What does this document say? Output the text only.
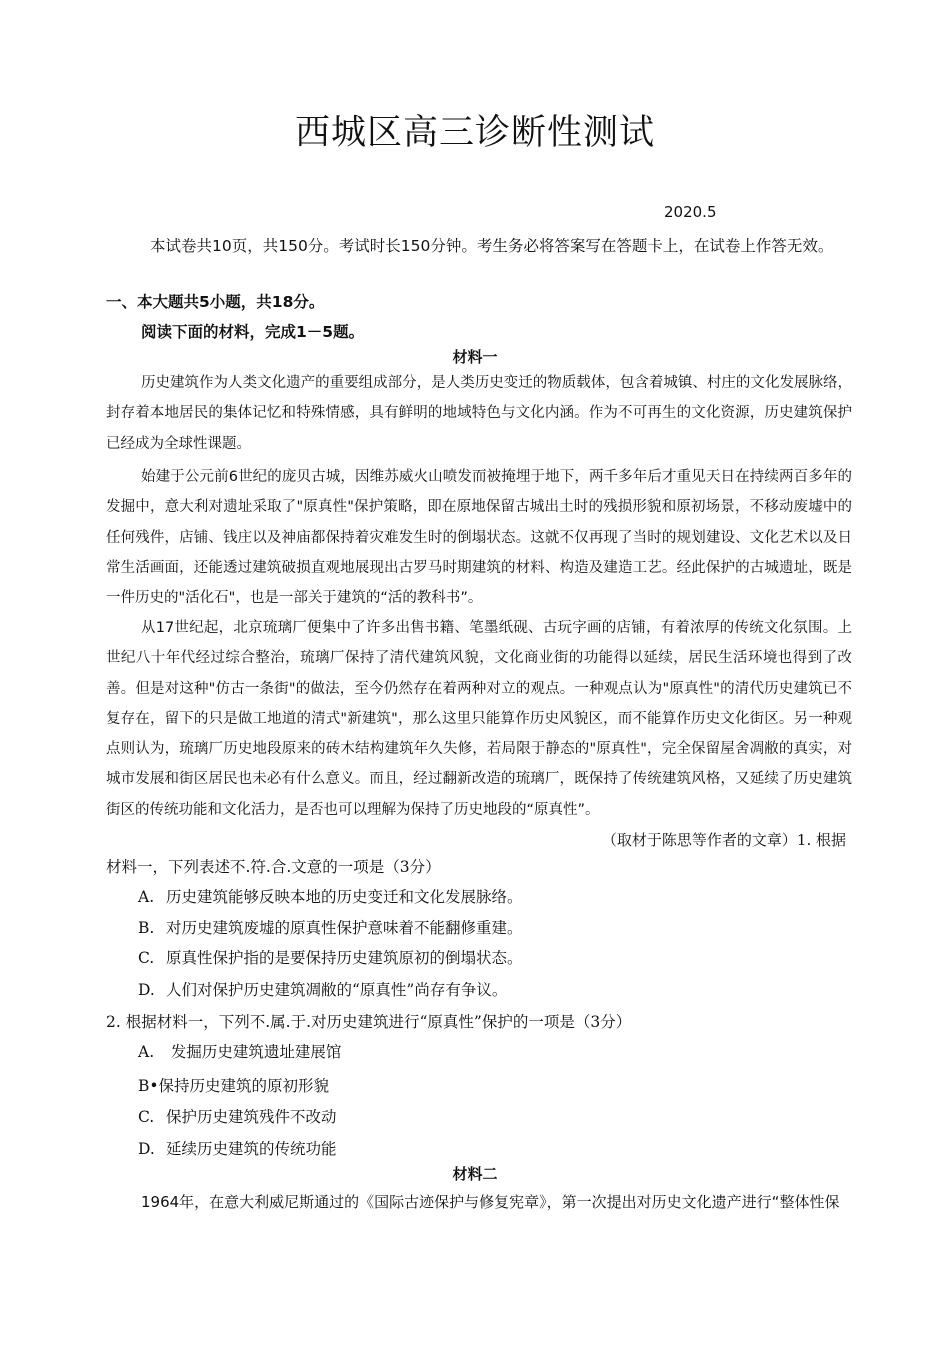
西城区高三诊断性测试
2020.5
本试卷共10页，共150分。考试时长150分钟。考生务必将答案写在答题卡上，在试卷上作答无效。
一、本大题共5小题，共18分。
阅读下面的材料，完成1－5题。
材料一
历史建筑作为人类文化遗产的重要组成部分，是人类历史变迁的物质载体，包含着城镇、村庄的文化发展脉络，封存着本地居民的集体记忆和特殊情感，具有鲜明的地域特色与文化内涵。作为不可再生的文化资源，历史建筑保护已经成为全球性课题。
始建于公元前6世纪的庞贝古城，因维苏威火山喷发而被掩埋于地下，两千多年后才重见天日在持续两百多年的发掘中，意大利对遗址采取了"原真性"保护策略，即在原地保留古城出土时的残损形貌和原初场景，不移动废墟中的任何残件，店铺、钱庄以及神庙都保持着灾难发生时的倒塌状态。这就不仅再现了当时的规划建设、文化艺术以及日常生活画面，还能透过建筑破损直观地展现出古罗马时期建筑的材料、构造及建造工艺。经此保护的古城遗址，既是一件历史的"活化石"，也是一部关于建筑的“活的教科书”。
从17世纪起，北京琉璃厂便集中了许多出售书籍、笔墨纸砚、古玩字画的店铺，有着浓厚的传统文化氛围。上世纪八十年代经过综合整治，琉璃厂保持了清代建筑风貌，文化商业街的功能得以延续，居民生活环境也得到了改善。但是对这种"仿古一条街"的做法，至今仍然存在着两种对立的观点。一种观点认为"原真性"的清代历史建筑已不复存在，留下的只是做工地道的清式"新建筑"，那么这里只能算作历史风貌区，而不能算作历史文化街区。另一种观点则认为，琉璃厂历史地段原来的砖木结构建筑年久失修，若局限于静态的"原真性"，完全保留屋舍凋敝的真实，对城市发展和街区居民也未必有什么意义。而且，经过翻新改造的琉璃厂，既保持了传统建筑风格，又延续了历史建筑街区的传统功能和文化活力，是否也可以理解为保持了历史地段的“原真性”。
（取材于陈思等作者的文章）1. 根据
材料一，下列表述不.符.合.文意的一项是（3分）
A. 历史建筑能够反映本地的历史变迁和文化发展脉络。
B. 对历史建筑废墟的原真性保护意味着不能翻修重建。
C. 原真性保护指的是要保持历史建筑原初的倒塌状态。
D. 人们对保护历史建筑凋敝的“原真性”尚存有争议。
2. 根据材料一，下列不.属.于.对历史建筑进行“原真性”保护的一项是（3分）
A. 发掘历史建筑遗址建展馆
B•保持历史建筑的原初形貌
C. 保护历史建筑残件不改动
D. 延续历史建筑的传统功能
材料二
1964年，在意大利威尼斯通过的《国际古迹保护与修复宪章》，第一次提出对历史文化遗产进行“整体性保
